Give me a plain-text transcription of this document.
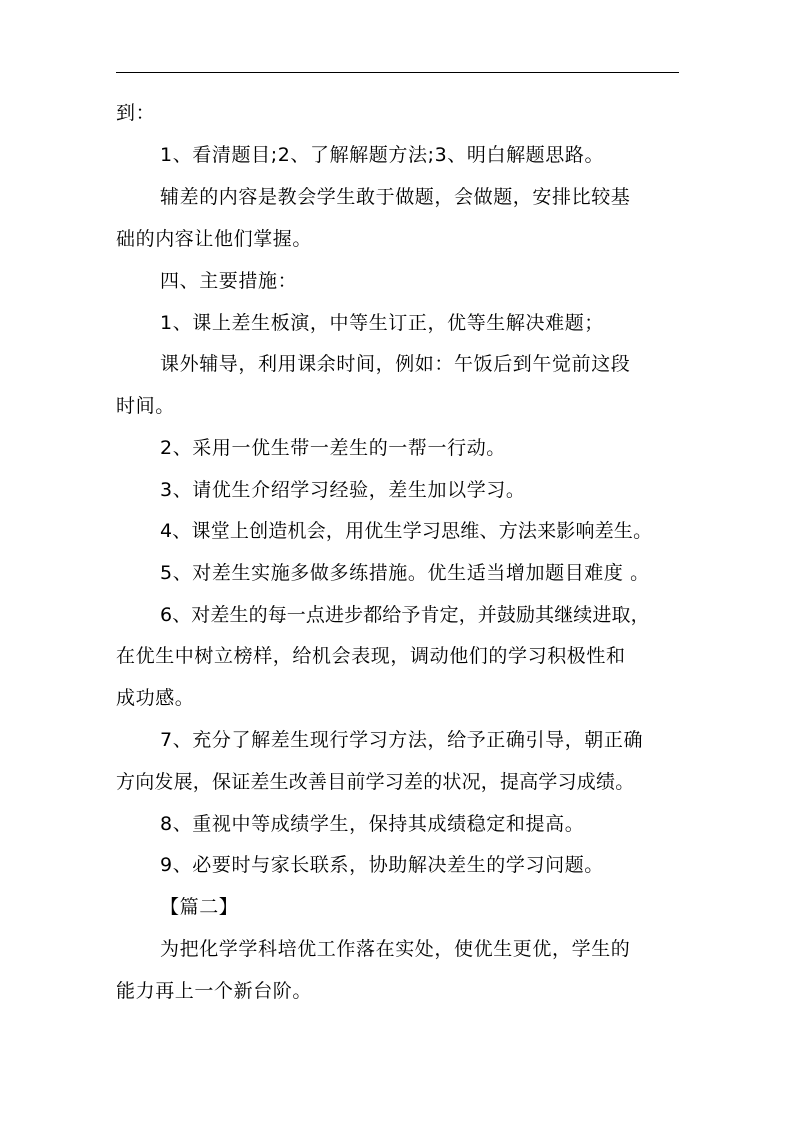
到：
1、看清题目;2、了解解题方法;3、明白解题思路。
辅差的内容是教会学生敢于做题，会做题，安排比较基
础的内容让他们掌握。
四、主要措施：
1、课上差生板演，中等生订正，优等生解决难题；
课外辅导，利用课余时间，例如：午饭后到午觉前这段
时间。
2、采用一优生带一差生的一帮一行动。
3、请优生介绍学习经验，差生加以学习。
4、课堂上创造机会，用优生学习思维、方法来影响差生。
5、对差生实施多做多练措施。优生适当增加题目难度 。
6、对差生的每一点进步都给予肯定，并鼓励其继续进取，
在优生中树立榜样，给机会表现，调动他们的学习积极性和
成功感。
7、充分了解差生现行学习方法，给予正确引导，朝正确
方向发展，保证差生改善目前学习差的状况，提高学习成绩。
8、重视中等成绩学生，保持其成绩稳定和提高。
9、必要时与家长联系，协助解决差生的学习问题。
【篇二】
为把化学学科培优工作落在实处，使优生更优，学生的
能力再上一个新台阶。
